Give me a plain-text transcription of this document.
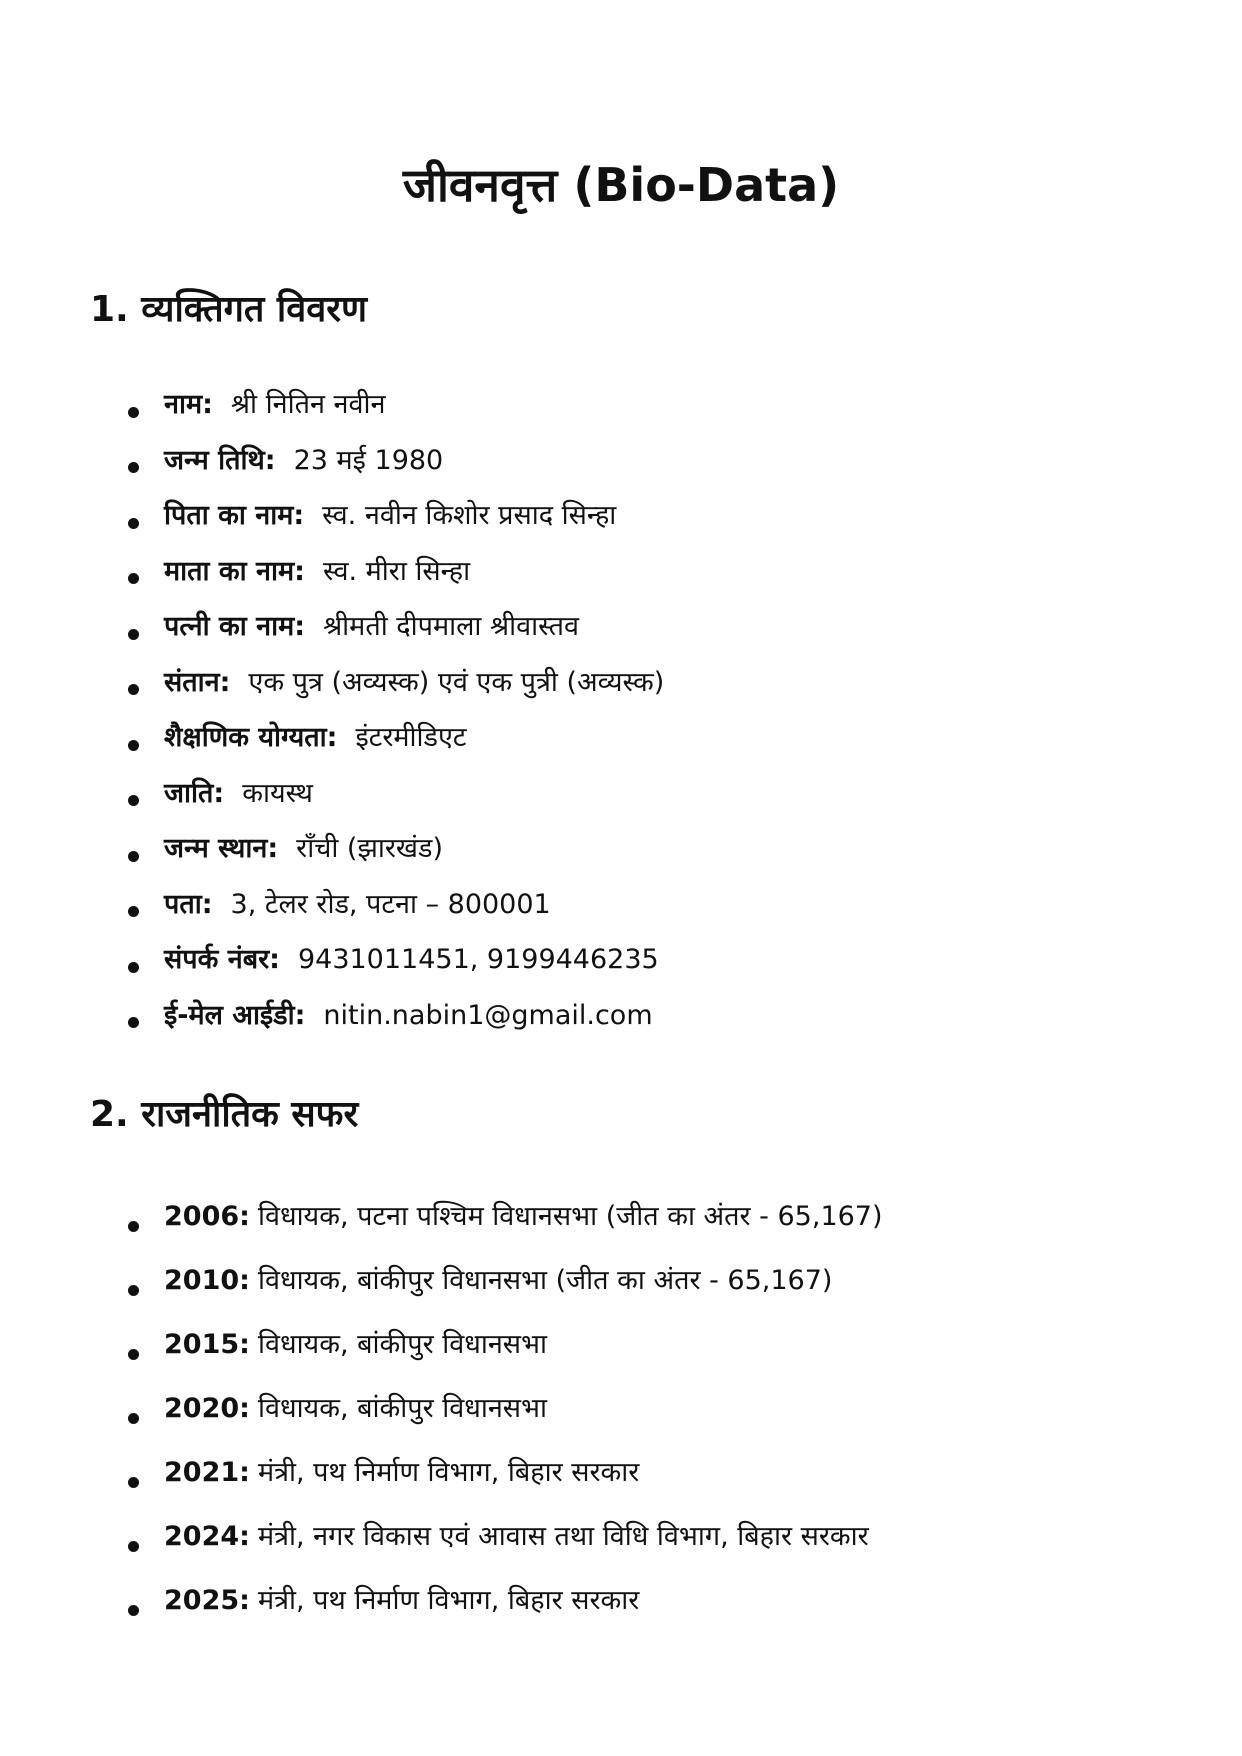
जीवनवृत्त (Bio-Data)
1. व्यक्तिगत विवरण
नाम: श्री नितिन नवीन
जन्म तिथि: 23 मई 1980
पिता का नाम: स्व. नवीन किशोर प्रसाद सिन्हा
माता का नाम: स्व. मीरा सिन्हा
पत्नी का नाम: श्रीमती दीपमाला श्रीवास्तव
संतान: एक पुत्र (अव्यस्क) एवं एक पुत्री (अव्यस्क)
शैक्षणिक योग्यता: इंटरमीडिएट
जाति: कायस्थ
जन्म स्थान: राँची (झारखंड)
पता: 3, टेलर रोड, पटना – 800001
संपर्क नंबर: 9431011451, 9199446235
ई-मेल आईडी: nitin.nabin1@gmail.com
2. राजनीतिक सफर
2006: विधायक, पटना पश्चिम विधानसभा (जीत का अंतर - 65,167)
2010: विधायक, बांकीपुर विधानसभा (जीत का अंतर - 65,167)
2015: विधायक, बांकीपुर विधानसभा
2020: विधायक, बांकीपुर विधानसभा
2021: मंत्री, पथ निर्माण विभाग, बिहार सरकार
2024: मंत्री, नगर विकास एवं आवास तथा विधि विभाग, बिहार सरकार
2025: मंत्री, पथ निर्माण विभाग, बिहार सरकार
